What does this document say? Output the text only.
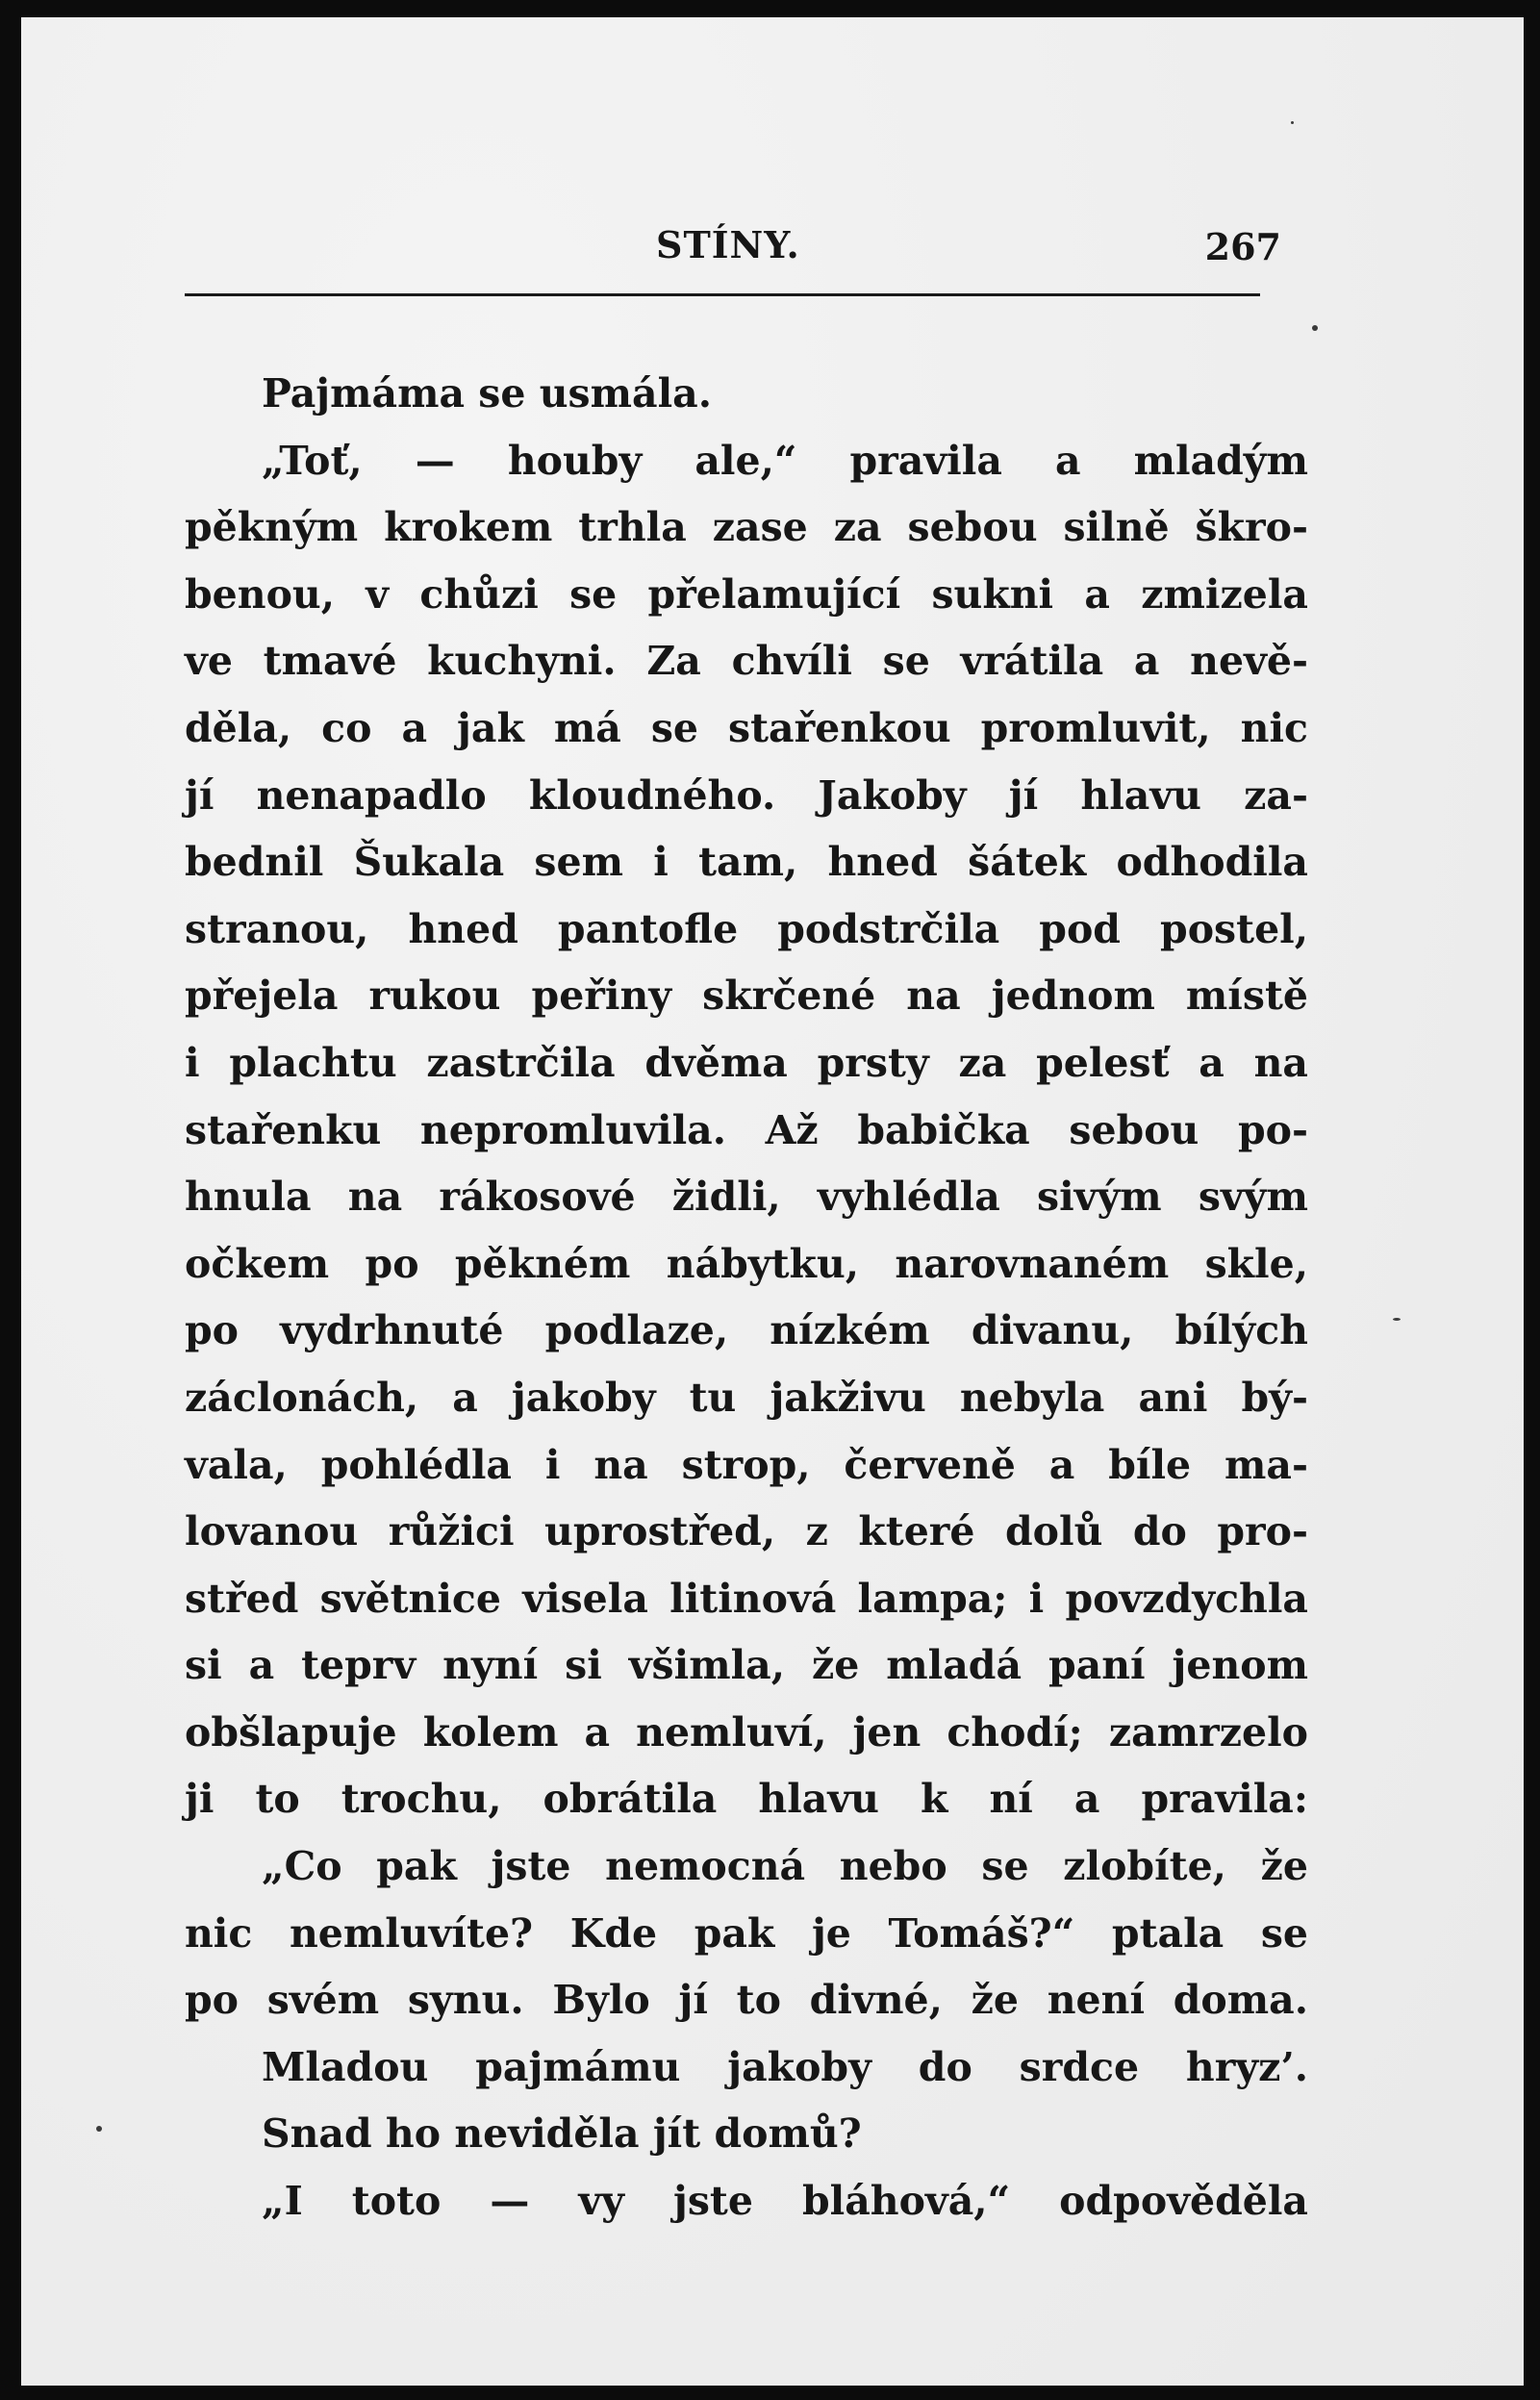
STÍNY.	267
Pajmáma se usmála.
„Toť, — houby ale,“ pravila a mladým
pěkným krokem trhla zase za sebou silně škro-
benou, v chůzi se přelamující sukni a zmizela
ve tmavé kuchyni. Za chvíli se vrátila a nevě-
děla, co a jak má se stařenkou promluvit, nic
jí nenapadlo kloudného. Jakoby jí hlavu za-
bednil Šukala sem i tam, hned šátek odhodila
stranou, hned pantofle podstrčila pod postel,
přejela rukou peřiny skrčené na jednom místě
i plachtu zastrčila dvěma prsty za pelesť a na
stařenku nepromluvila. Až babička sebou po-
hnula na rákosové židli, vyhlédla sivým svým
očkem po pěkném nábytku, narovnaném skle,
po vydrhnuté podlaze, nízkém divanu, bílých
záclonách, a jakoby tu jakživu nebyla ani bý-
vala, pohlédla i na strop, červeně a bíle ma-
lovanou růžici uprostřed, z které dolů do pro-
střed světnice visela litinová lampa; i povzdychla
si a teprv nyní si všimla, že mladá paní jenom
obšlapuje kolem a nemluví, jen chodí; zamrzelo
ji to trochu, obrátila hlavu k ní a pravila:
„Co pak jste nemocná nebo se zlobíte, že
nic nemluvíte? Kde pak je Tomáš?“ ptala se
po svém synu. Bylo jí to divné, že není doma.
Mladou pajmámu jakoby do srdce hryz’.
Snad ho neviděla jít domů?
„I toto — vy jste bláhová,“ odpověděla
